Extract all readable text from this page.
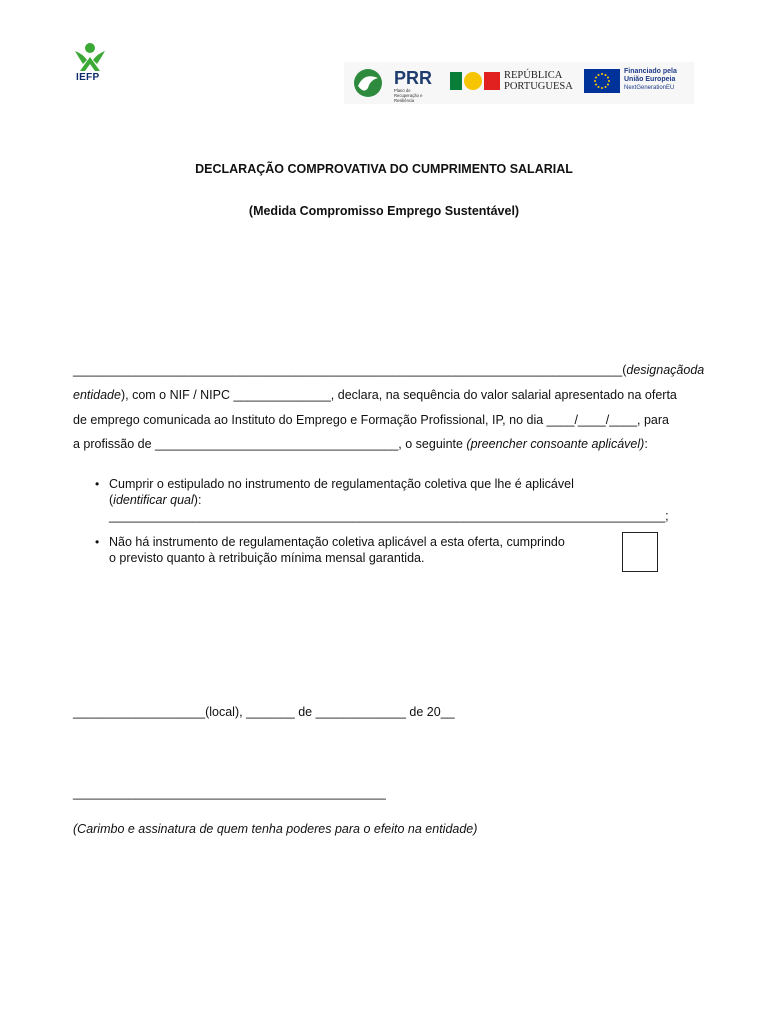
IEFP	PRR
Plano de Recuperação e Resiliência
REPÚBLICA
PORTUGUESA
Financiado pela
União Europeia
NextGenerationEU
DECLARAÇÃO COMPROVATIVA DO CUMPRIMENTO SALARIAL
(Medida Compromisso Emprego Sustentável)
_______________________________________________________________________________ (designação da
entidade), com o NIF / NIPC ______________, declara, na sequência do valor salarial apresentado na oferta
de emprego comunicada ao Instituto do Emprego e Formação Profissional, IP, no dia ____/____/____, para
a profissão de ___________________________________, o seguinte (preencher consoante aplicável):
• Cumprir o estipulado no instrumento de regulamentação coletiva que lhe é aplicável
(identificar qual):
________________________________________________________________________________;
• Não há instrumento de regulamentação coletiva aplicável a esta oferta, cumprindo
o previsto quanto à retribuição mínima mensal garantida.
___________________(local), _______ de _____________ de 20__
_____________________________________________
(Carimbo e assinatura de quem tenha poderes para o efeito na entidade)
